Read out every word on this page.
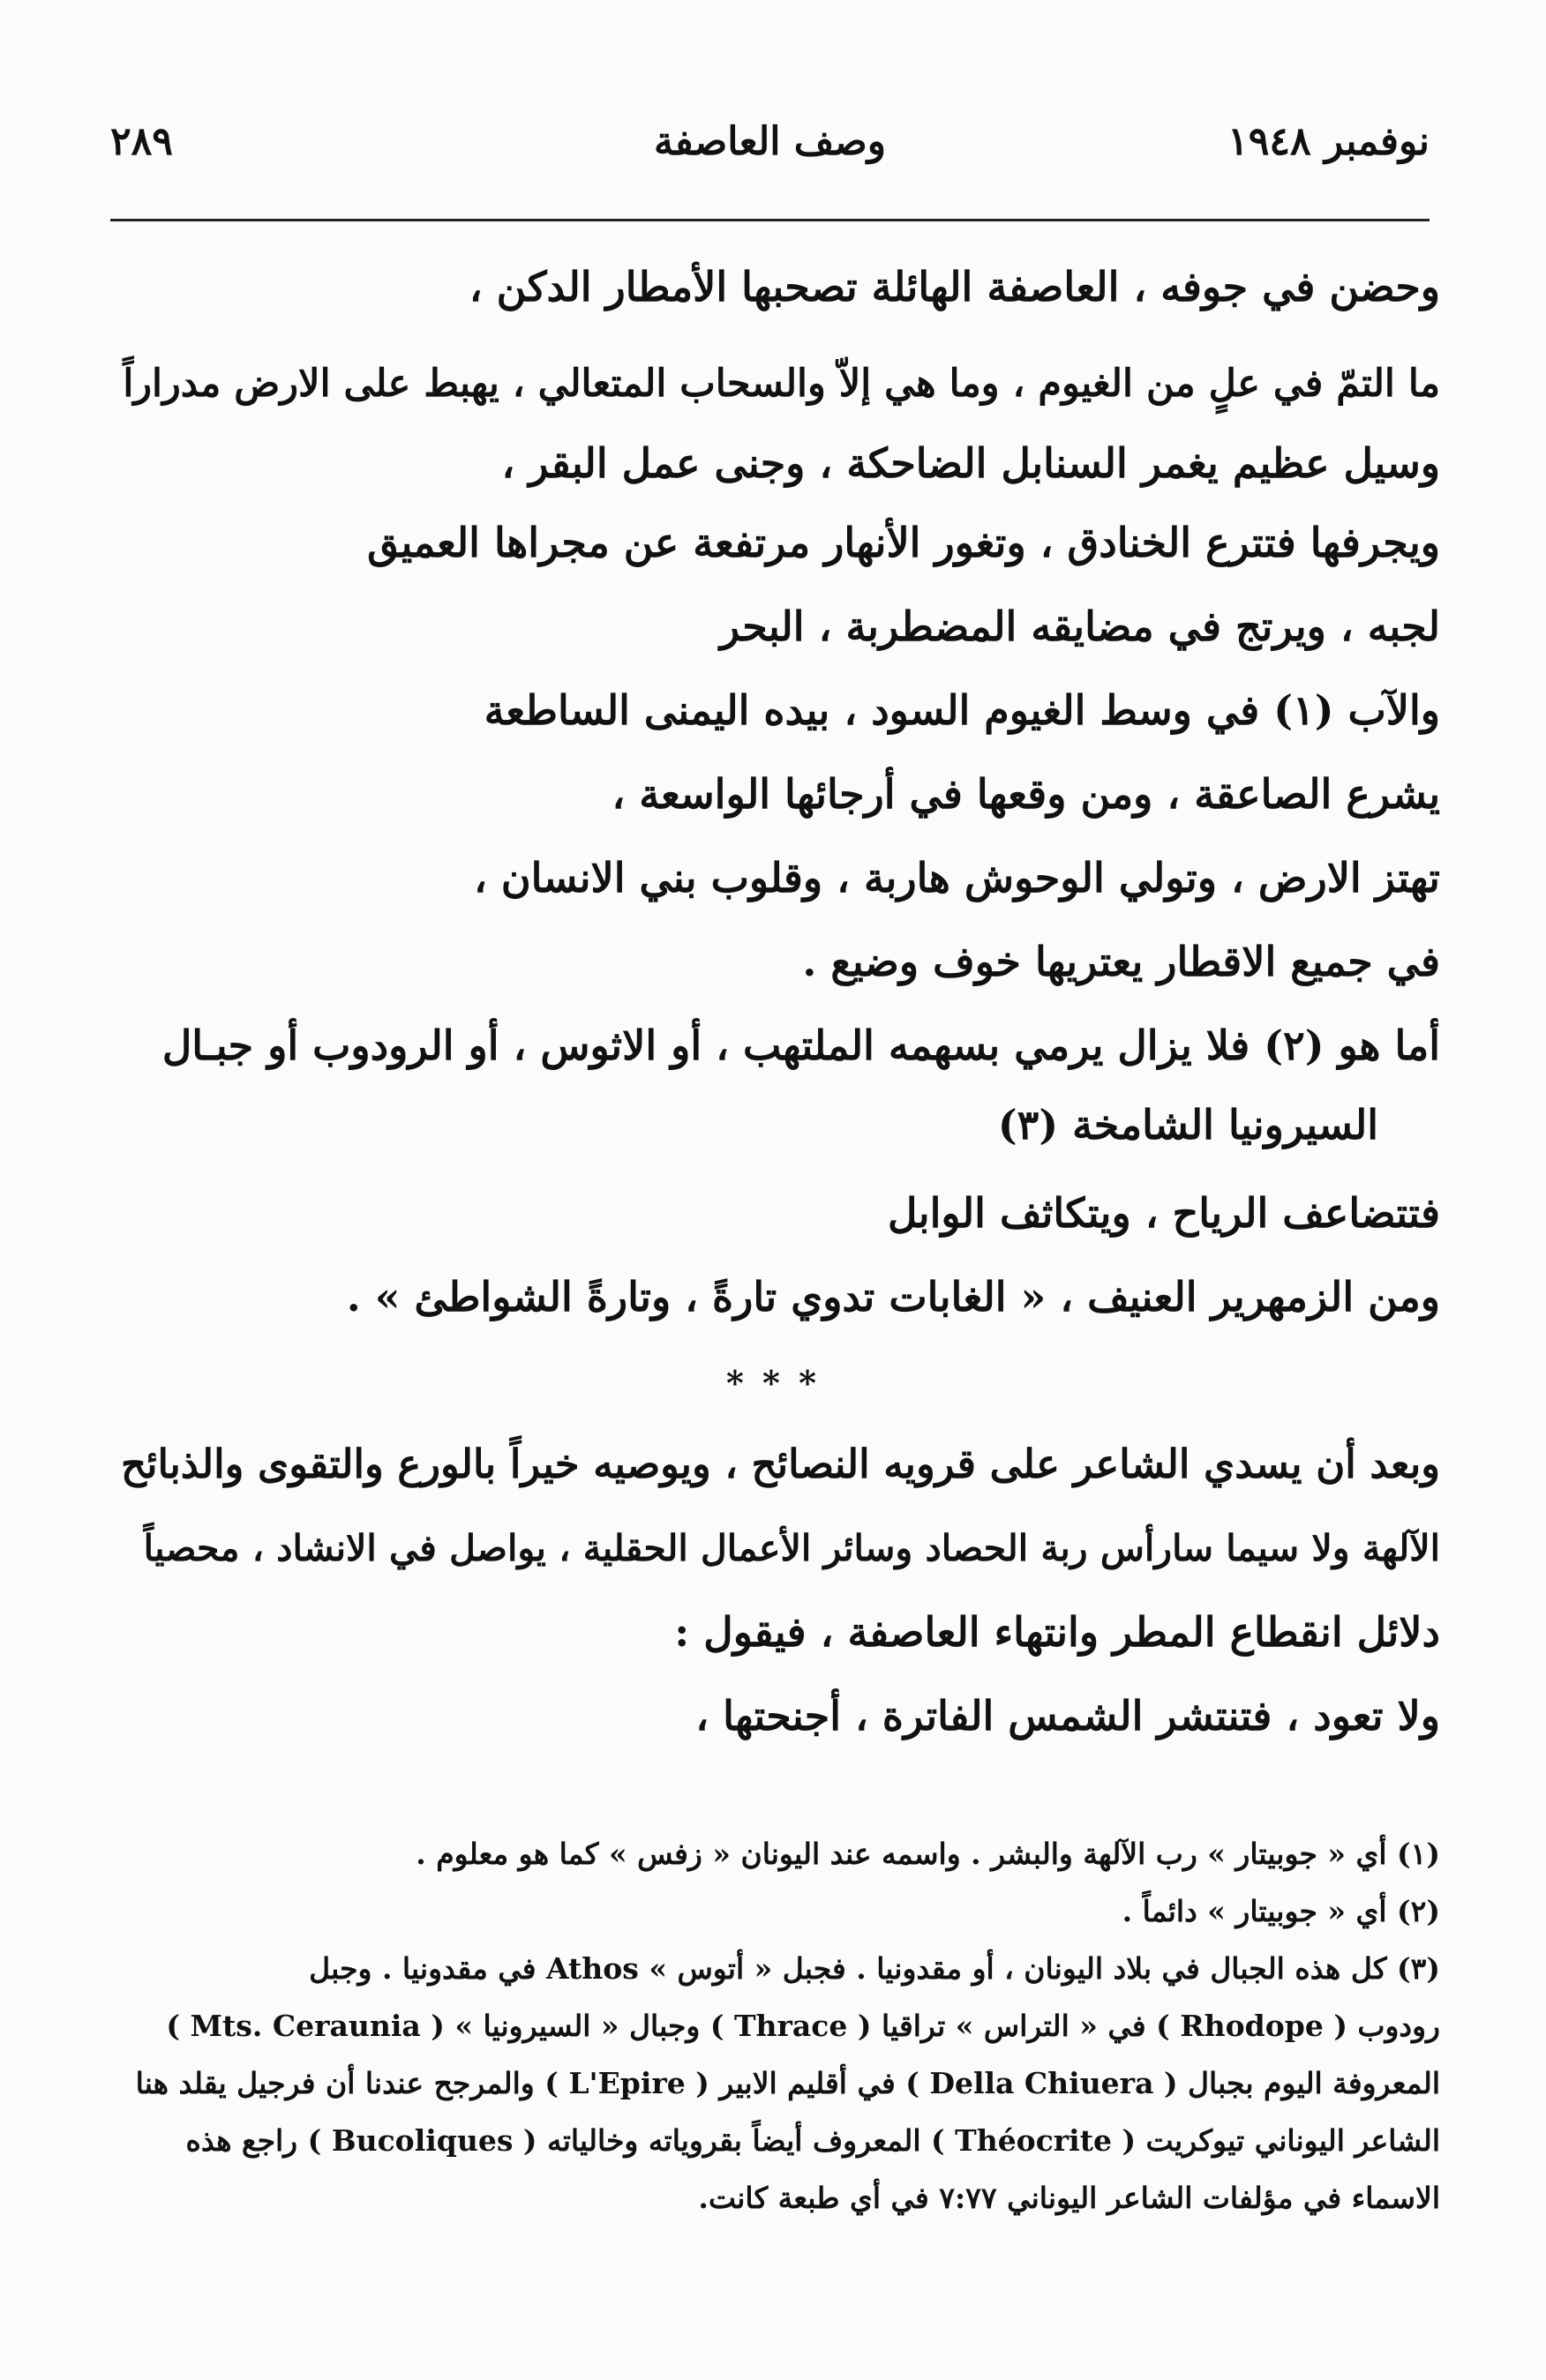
نوفمبر ١٩٤٨
وصف العاصفة
٢٨٩
وحضن في جوفه ، العاصفة الهائلة تصحبها الأمطار الدكن ،
ما التمّ في علٍ من الغيوم ، وما هي إلاّ والسحاب المتعالي ، يهبط على الارض مدراراً
وسيل عظيم يغمر السنابل الضاحكة ، وجنى عمل البقر ،
ويجرفها فتترع الخنادق ، وتغور الأنهار مرتفعة عن مجراها العميق
لجبه ، ويرتج في مضايقه المضطربة ، البحر
والآب (١) في وسط الغيوم السود ، بيده اليمنى الساطعة
يشرع الصاعقة ، ومن وقعها في أرجائها الواسعة ،
تهتز الارض ، وتولي الوحوش هاربة ، وقلوب بني الانسان ،
في جميع الاقطار يعتريها خوف وضيع .
أما هو (٢) فلا يزال يرمي بسهمه الملتهب ، أو الاثوس ، أو الرودوب أو جبـال
السيرونيا الشامخة (٣)
فتتضاعف الرياح ، ويتكاثف الوابل
ومن الزمهرير العنيف ، « الغابات تدوي تارةً ، وتارةً الشواطئ » .
* * *
وبعد أن يسدي الشاعر على قرويه النصائح ، ويوصيه خيراً بالورع والتقوى والذبائح
الآلهة ولا سيما سارأس ربة الحصاد وسائر الأعمال الحقلية ، يواصل في الانشاد ، محصياً
دلائل انقطاع المطر وانتهاء العاصفة ، فيقول :
ولا تعود ، فتنتشر الشمس الفاترة ، أجنحتها ،
(١) أي « جوبيتار » رب الآلهة والبشر . واسمه عند اليونان « زفس » كما هو معلوم .
(٢) أي « جوبيتار » دائماً .
(٣) كل هذه الجبال في بلاد اليونان ، أو مقدونيا . فجبل « أتوس » Athos في مقدونيا . وجبل
رودوب ( Rhodope ) في « التراس » تراقيا ( Thrace ) وجبال « السيرونيا » ( Mts. Ceraunia )
المعروفة اليوم بجبال ( Della Chiuera ) في أقليم الابير ( L'Epire ) والمرجح عندنا أن فرجيل يقلد هنا
الشاعر اليوناني تيوكريت ( Théocrite ) المعروف أيضاً بقروياته وخالياته ( Bucoliques ) راجع هذه
الاسماء في مؤلفات الشاعر اليوناني ٧:٧٧ في أي طبعة كانت.
